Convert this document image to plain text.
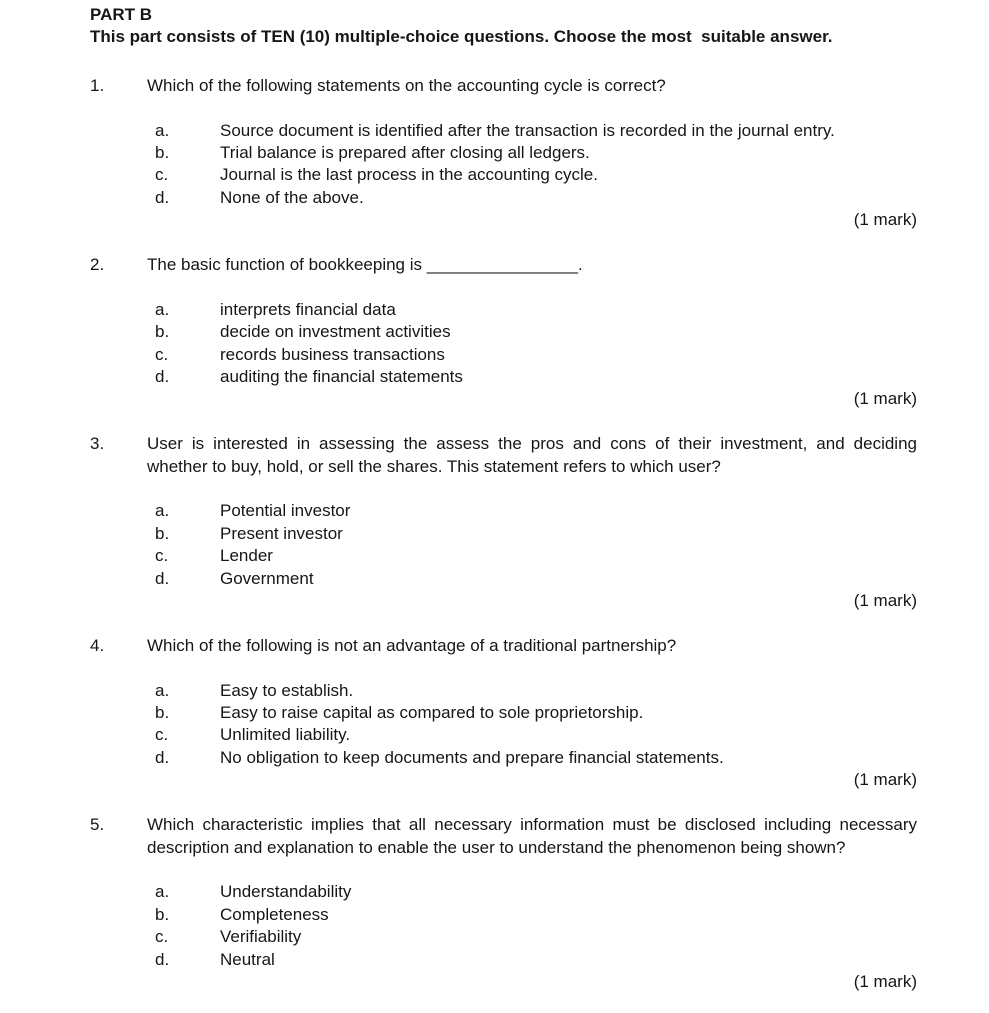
PART B
This part consists of TEN (10) multiple-choice questions. Choose the most  suitable answer.
1.	Which of the following statements on the accounting cycle is correct?
a.	Source document is identified after the transaction is recorded in the journal entry.
b.	Trial balance is prepared after closing all ledgers.
c.	Journal is the last process in the accounting cycle.
d.	None of the above.
(1 mark)
2.	The basic function of bookkeeping is ________________.
a.	interprets financial data
b.	decide on investment activities
c.	records business transactions
d.	auditing the financial statements
(1 mark)
3.	User is interested in assessing the assess the pros and cons of their investment, and deciding whether to buy, hold, or sell the shares. This statement refers to which user?
a.	Potential investor
b.	Present investor
c.	Lender
d.	Government
(1 mark)
4.	Which of the following is not an advantage of a traditional partnership?
a.	Easy to establish.
b.	Easy to raise capital as compared to sole proprietorship.
c.	Unlimited liability.
d.	No obligation to keep documents and prepare financial statements.
(1 mark)
5.	Which characteristic implies that all necessary information must be disclosed including necessary description and explanation to enable the user to understand the phenomenon being shown?
a.	Understandability
b.	Completeness
c.	Verifiability
d.	Neutral
(1 mark)
